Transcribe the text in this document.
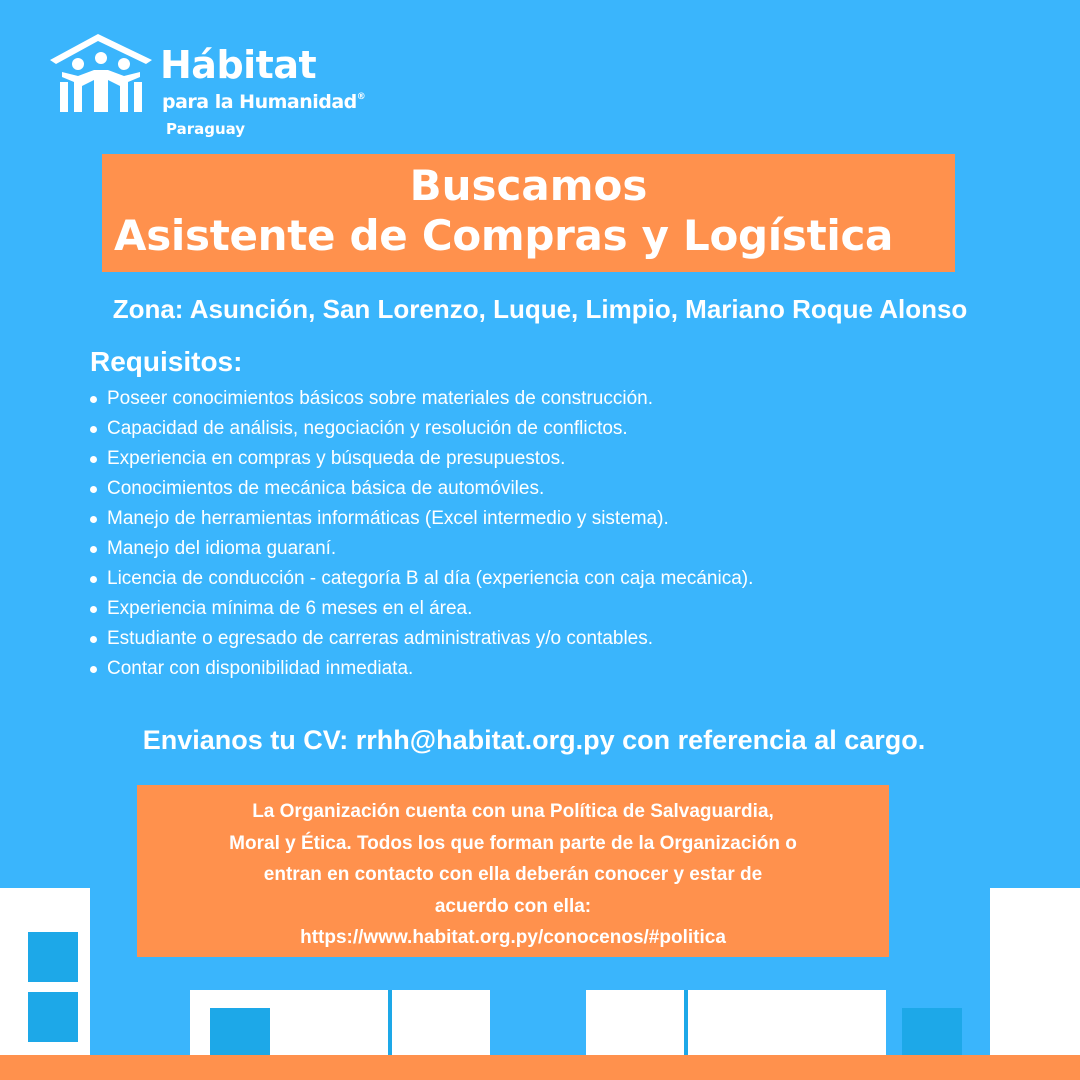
Hábitat
para la Humanidad®
Paraguay
Buscamos
Asistente de Compras y Logística
Zona: Asunción, San Lorenzo, Luque, Limpio, Mariano Roque Alonso
Requisitos:
Poseer conocimientos básicos sobre materiales de construcción.
Capacidad de análisis, negociación y resolución de conflictos.
Experiencia en compras y búsqueda de presupuestos.
Conocimientos de mecánica básica de automóviles.
Manejo de herramientas informáticas (Excel intermedio y sistema).
Manejo del idioma guaraní.
Licencia de conducción - categoría B al día (experiencia con caja mecánica).
Experiencia mínima de 6 meses en el área.
Estudiante o egresado de carreras administrativas y/o contables.
Contar con disponibilidad inmediata.
Envianos tu CV: rrhh@habitat.org.py con referencia al cargo.

La Organización cuenta con una Política de Salvaguardia,
Moral y Ética. Todos los que forman parte de la Organización o
entran en contacto con ella deberán conocer y estar de
acuerdo con ella:
https://www.habitat.org.py/conocenos/#politica
